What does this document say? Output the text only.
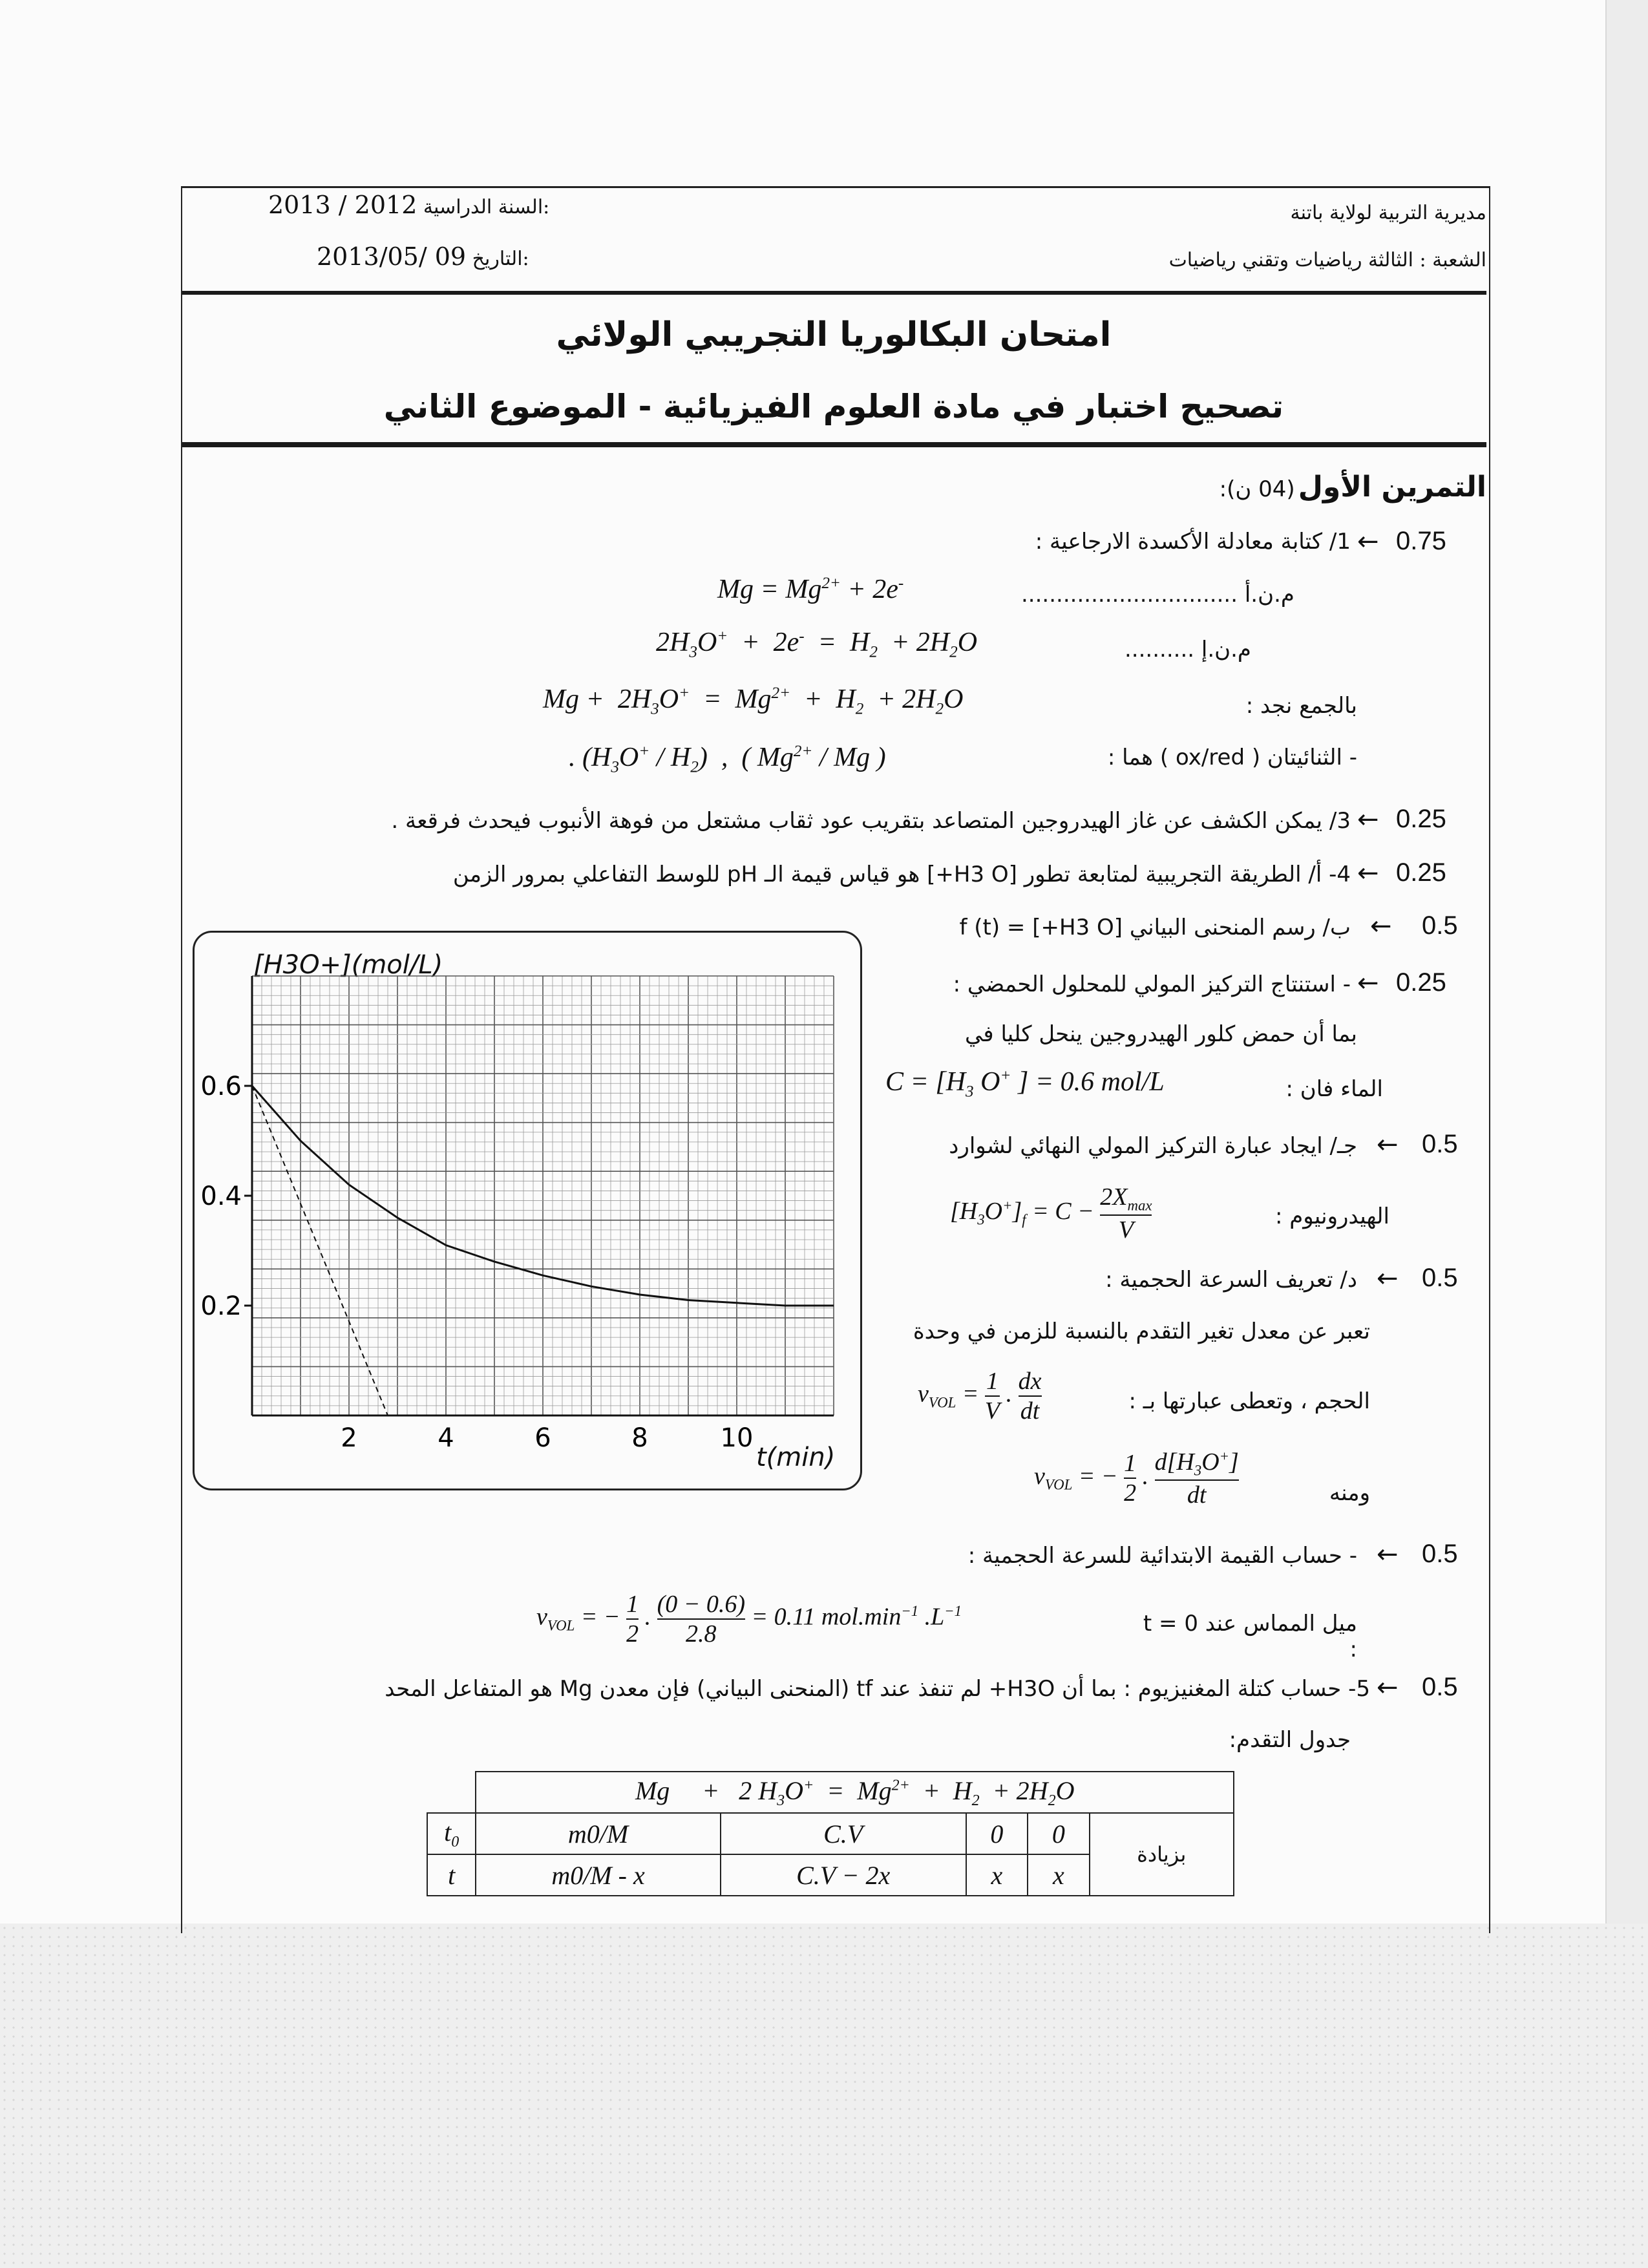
مديرية التربية لولاية باتنة
الشعبة : الثالثة رياضيات وتقني رياضيات
2013 / 2012 السنة الدراسية:
2013/05/ 09 التاريخ:
امتحان البكالوريا التجريبي الولائي
تصحيح اختبار في مادة العلوم الفيزيائية - الموضوع الثاني
التمرين الأول (04 ن):
0.75
←
1/ كتابة معادلة الأكسدة الارجاعية :
$Mg = Mg^{2+} + 2e^-$	............................... م.ن.أ
$2H_3O^+ + 2e^- = H_2 + 2H_2O$	.......... م.ن.إ
$Mg + 2H_3O^+ = Mg^{2+} + H_2 + 2H_2O$	بالجمع نجد :
- الثنائيتان ( ox/red ) هما :
. $(H_3O^+ / H_2)$  ,  ( $Mg^{2+}$ / Mg )
0.25
←
3/ يمكن الكشف عن غاز الهيدروجين المتصاعد بتقريب عود ثقاب مشتعل من فوهة الأنبوب فيحدث فرقعة .
0.25
←
4- أ/ الطريقة التجريبية لمتابعة تطور [H3 O+] هو قياس قيمة الـ pH للوسط التفاعلي بمرور الزمن
0.5
←
ب/ رسم المنحنى البياني [H3 O+] = f (t)
0.25
←
- استنتاج التركيز المولي للمحلول الحمضي :
بما أن حمض كلور الهيدروجين ينحل كليا في
الماء فان :
$C = [H_3$ O+ ] = 0.6 mol/L
0.5
←
جـ/ ايجاد عبارة التركيز المولي النهائي لشوارد
الهيدرونيوم :
$[H_3O^+]_f = C$ −
$2X_{max}$
V
0.5
←
د/ تعريف السرعة الحجمية :
تعبر عن معدل تغير التقدم بالنسبة للزمن في وحدة
الحجم ، وتعطى عبارتها بـ :
$v_{VOL} = \frac{1}{V}$ . $\frac{dx}{dt}$
ومنه
$v_{VOL}$ = − $\frac{1}{2}$ . $\frac{d[H_3O^+]}{dt}$
0.5
←
- حساب القيمة الابتدائية للسرعة الحجمية :
ميل المماس عند t = 0 :
$v_{VOL}$ = − $\frac{1}{2}$ . $\frac{(0 - 0.6)}{2.8} = 0.11$ $mol.\min^{-1}$ $.L^{-1}$
0.5
←
5- حساب كتلة المغنيزيوم : بما أن H3O+ لم تنفذ عند tf (المنحنى البياني) فإن معدن Mg هو المتفاعل المحد
جدول التقدم:
[H3O+](mol/L)
t(min)
2	4	6	8	10
0.2
0.4
0.6
	Mg     +   2 $H_3O^+ = Mg^{2+} + H_2 + 2H_2O$				
$t_0$	m0/M	C.V	0	0	بزيادة
t	m0/M - x	C.V − 2x	x	x	
